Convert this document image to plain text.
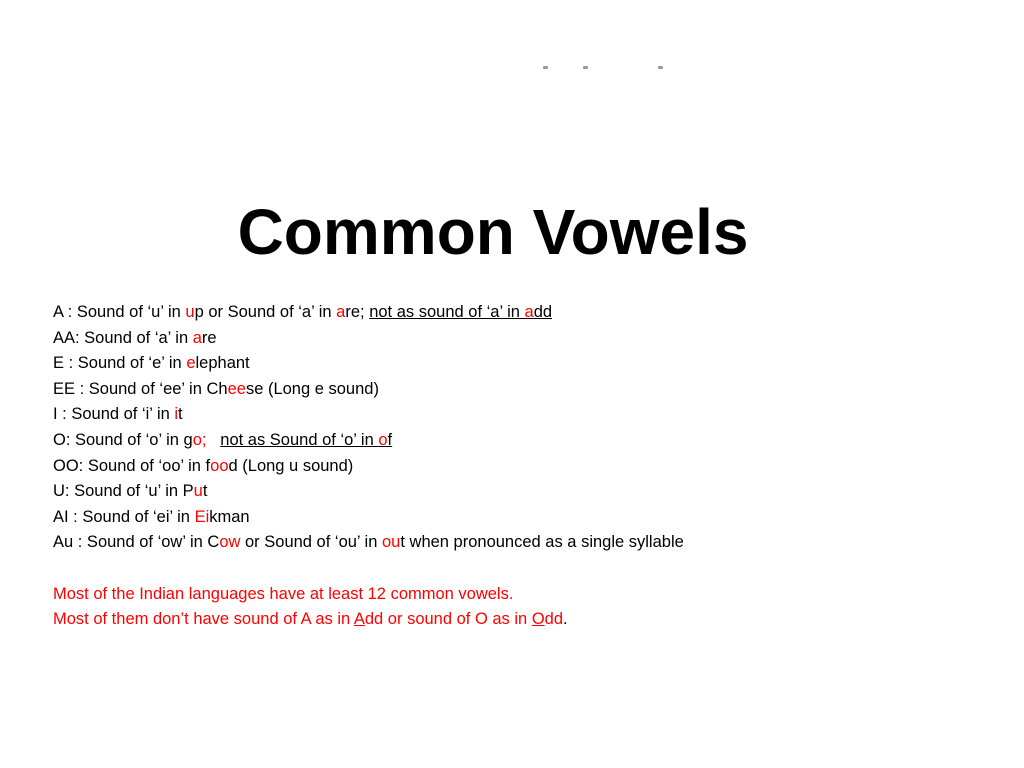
Common Vowels
A : Sound of ‘u’ in up or Sound of ‘a’ in are; not as sound of ‘a’ in add
AA: Sound of ‘a’ in are
E : Sound of ‘e’ in elephant
EE : Sound of ‘ee’ in Cheese (Long e sound)
I : Sound of ‘i’ in it
O: Sound of ‘o’ in go; not as Sound of ‘o’ in of
OO: Sound of ‘oo’ in food (Long u sound)
U: Sound of ‘u’ in Put
AI : Sound of ‘ei’ in Eikman
Au : Sound of ‘ow’ in Cow or Sound of ‘ou’ in out when pronounced as a single syllable
Most of the Indian languages have at least 12 common vowels.
Most of them don’t have sound of A as in Add or sound of O as in Odd.
